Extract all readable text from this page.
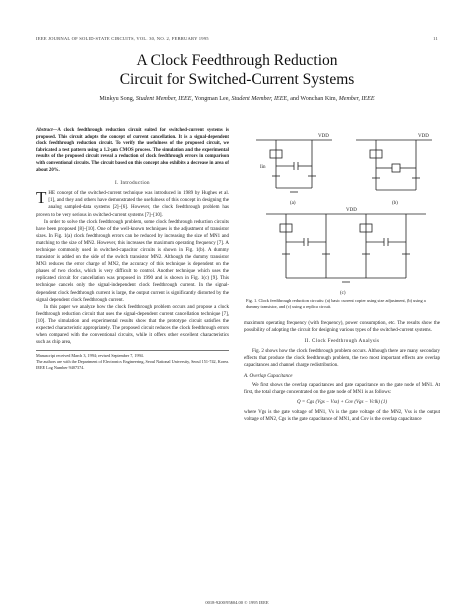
IEEE JOURNAL OF SOLID-STATE CIRCUITS, VOL. 30, NO. 2, FEBRUARY 1995	11
A Clock Feedthrough Reduction
Circuit for Switched-Current Systems
Minkyu Song, Student Member, IEEE, Yongman Lee, Student Member, IEEE, and Wonchan Kim, Member, IEEE
Abstract—A clock feedthrough reduction circuit suited for switched-current systems is proposed. This circuit adopts the concept of current cancellation. It is a signal-dependent clock feedthrough reduction circuit. To verify the usefulness of the proposed circuit, we fabricated a test pattern using a 1.2-μm CMOS process. The simulation and the experimental results of the proposed circuit reveal a reduction of clock feedthrough errors in comparison with conventional circuits. The circuit based on this concept also exhibits a decrease in area of about 20%.
I. Introduction

THE concept of the switched-current technique was introduced in 1989 by Hughes et al. [1], and they and others have demonstrated the usefulness of this concept in designing the analog sampled-data systems [2]–[6]. However, the clock feedthrough problem has proven to be very serious in switched-current systems [7]–[10].

In order to solve the clock feedthrough problem, some clock feedthrough reduction circuits have been proposed [8]–[10]. One of the well-known techniques is the adjustment of transistor sizes. In Fig. 1(a) clock feedthrough errors can be reduced by increasing the size of MN1 and matching to the size of MN2. However, this increases the maximum operating frequency [7]. A technique commonly used in switched-capacitor circuits is shown in Fig. 1(b). A dummy transistor is added on the side of the switch transistor MN2. Although the dummy transistor MN3 reduces the error charge of MN2, the accuracy of this technique is dependent on the phases of two clocks, which is very difficult to control. Another technique which uses the replicated circuit for cancellation was proposed in 1990 and is shown in Fig. 1(c) [9]. This technique cancels only the signal-independent clock feedthrough current. In the signal-dependent clock feedthrough current is large, the output current is significantly distorted by the signal dependent clock feedthrough current.

In this paper we analyze how the clock feedthrough problem occurs and propose a clock feedthrough reduction circuit that uses the signal-dependent current cancellation technique [7], [10]. The simulation and experimental results show that the prototype circuit satisfies the expected characteristic appropriately. The proposed circuit reduces the clock feedthrough errors when compared with the conventional circuits, while it offers other excellent characteristics such as chip area,

Manuscript received March 3, 1994; revised September 7, 1994.
The authors are with the Department of Electronics Engineering, Seoul National University, Seoul 151-742, Korea.
IEEE Log Number 9407374.
VDD	VDD
VDD
Iin
(a)	(b)
(c)
Fig. 1. Clock feedthrough reduction circuits: (a) basic current copier using size adjustment, (b) using a dummy transistor, and (c) using a replica circuit.

maximum operating frequency (with frequency), power consumption, etc. The results show the possibility of adopting the circuit for designing various types of the switched-current systems.

II. Clock Feedthrough Analysis

Fig. 2 shows how the clock feedthrough problem occurs. Although there are many secondary effects that produce the clock feedthrough problem, the two most important effects are overlap capacitances and channel charge redistribution.

A. Overlap Capacitance

We first shows the overlap capacitances and gate capacitance on the gate node of MN1. At first, the total charge concentrated on the gate node of MN1 is as follows:

Q = Cgs (Vgs − Vss) + Cov (Vgs − Vclk) (1)

where Vgs is the gate voltage of MN1, Vs is the gate voltage of the MN2, Vss is the output voltage of MN2, Cgs is the gate capacitance of MN1, and Cov is the overlap capacitance

0018-9200/95$04.00 © 1995 IEEE
